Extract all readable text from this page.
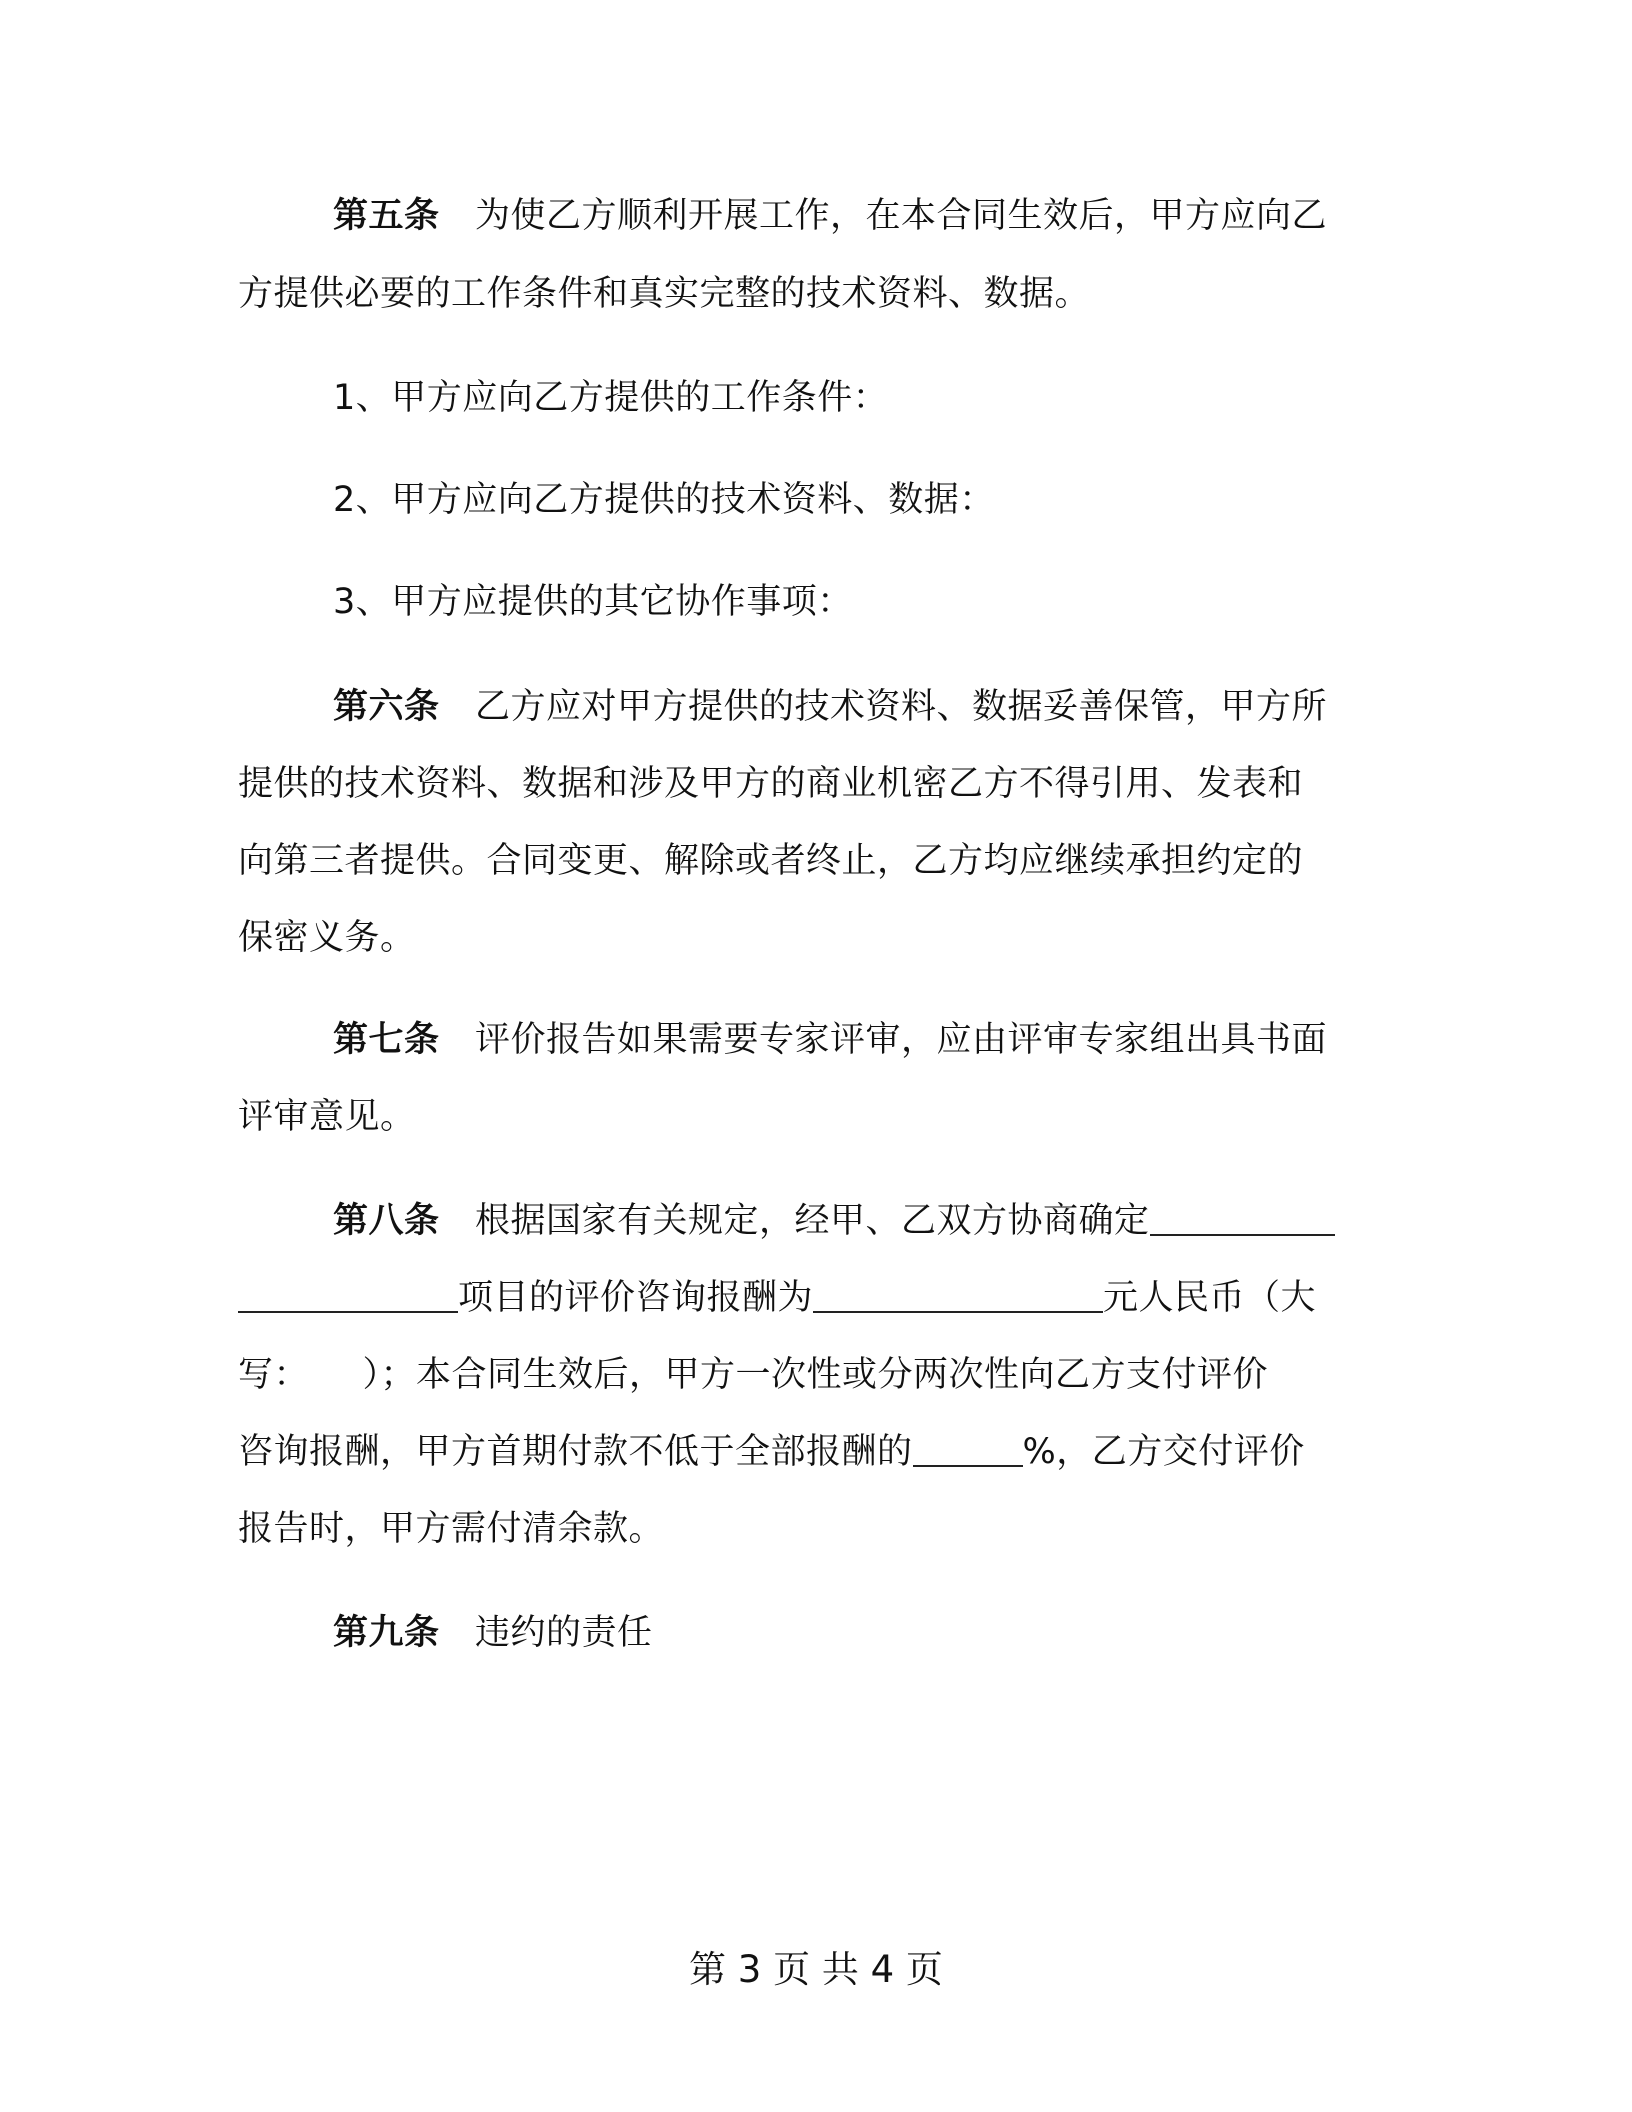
第五条　 为使乙方顺利开展工作，在本合同生效后，甲方应向乙

方提供必要的工作条件和真实完整的技术资料、数据。

1、甲方应向乙方提供的工作条件：

2、甲方应向乙方提供的技术资料、数据：

3、甲方应提供的其它协作事项：

第六条　 乙方应对甲方提供的技术资料、数据妥善保管，甲方所

提供的技术资料、数据和涉及甲方的商业机密乙方不得引用、发表和

向第三者提供。合同变更、解除或者终止，乙方均应继续承担约定的

保密义务。

第七条　 评价报告如果需要专家评审，应由评审专家组出具书面

评审意见。

第八条　 根据国家有关规定，经甲、乙双方协商确定

项目的评价咨询报酬为	元人民币（大

写：　　）；本合同生效后，甲方一次性或分两次性向乙方支付评价

咨询报酬，甲方首期付款不低于全部报酬的	%，乙方交付评价

报告时，甲方需付清余款。

第九条　 违约的责任

第 3 页 共 4 页
